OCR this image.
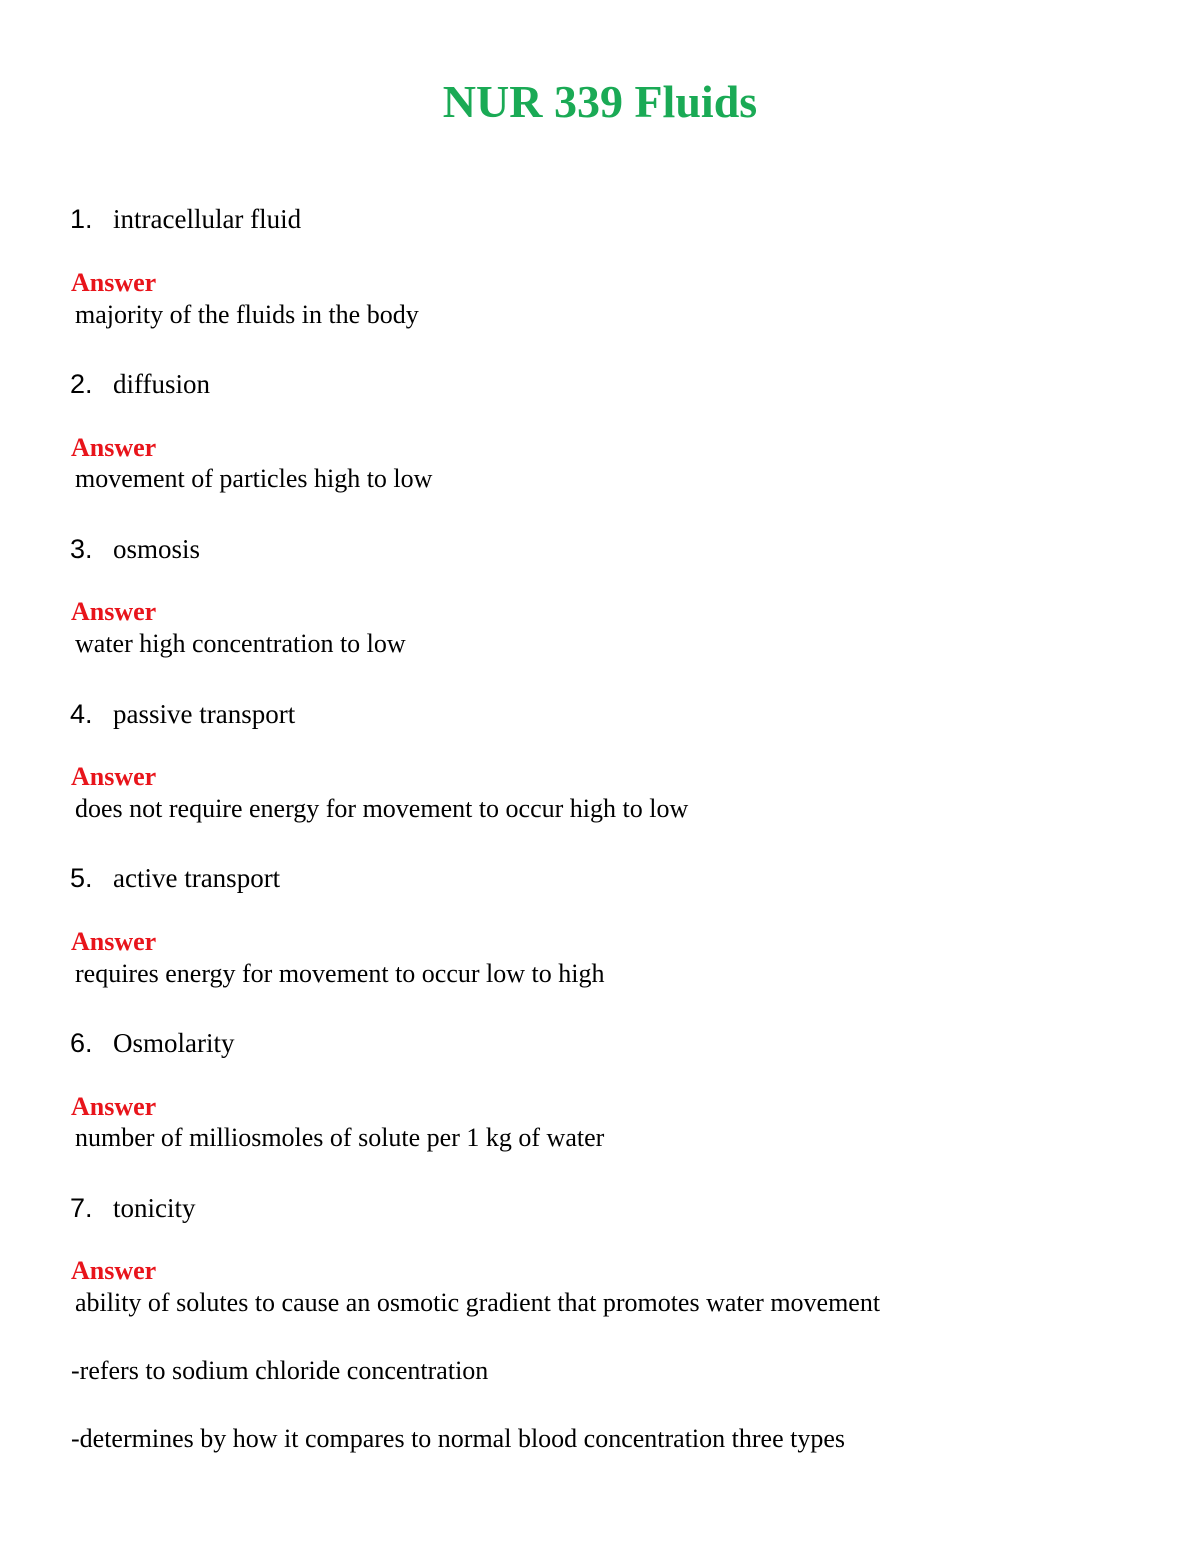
NUR 339 Fluids
1. intracellular fluid
Answer
majority of the fluids in the body
2. diffusion
Answer
movement of particles high to low
3. osmosis
Answer
water high concentration to low
4. passive transport
Answer
does not require energy for movement to occur high to low
5. active transport
Answer
requires energy for movement to occur low to high
6. Osmolarity
Answer
number of milliosmoles of solute per 1 kg of water
7. tonicity
Answer
ability of solutes to cause an osmotic gradient that promotes water movement
-refers to sodium chloride concentration
-determines by how it compares to normal blood concentration three types
